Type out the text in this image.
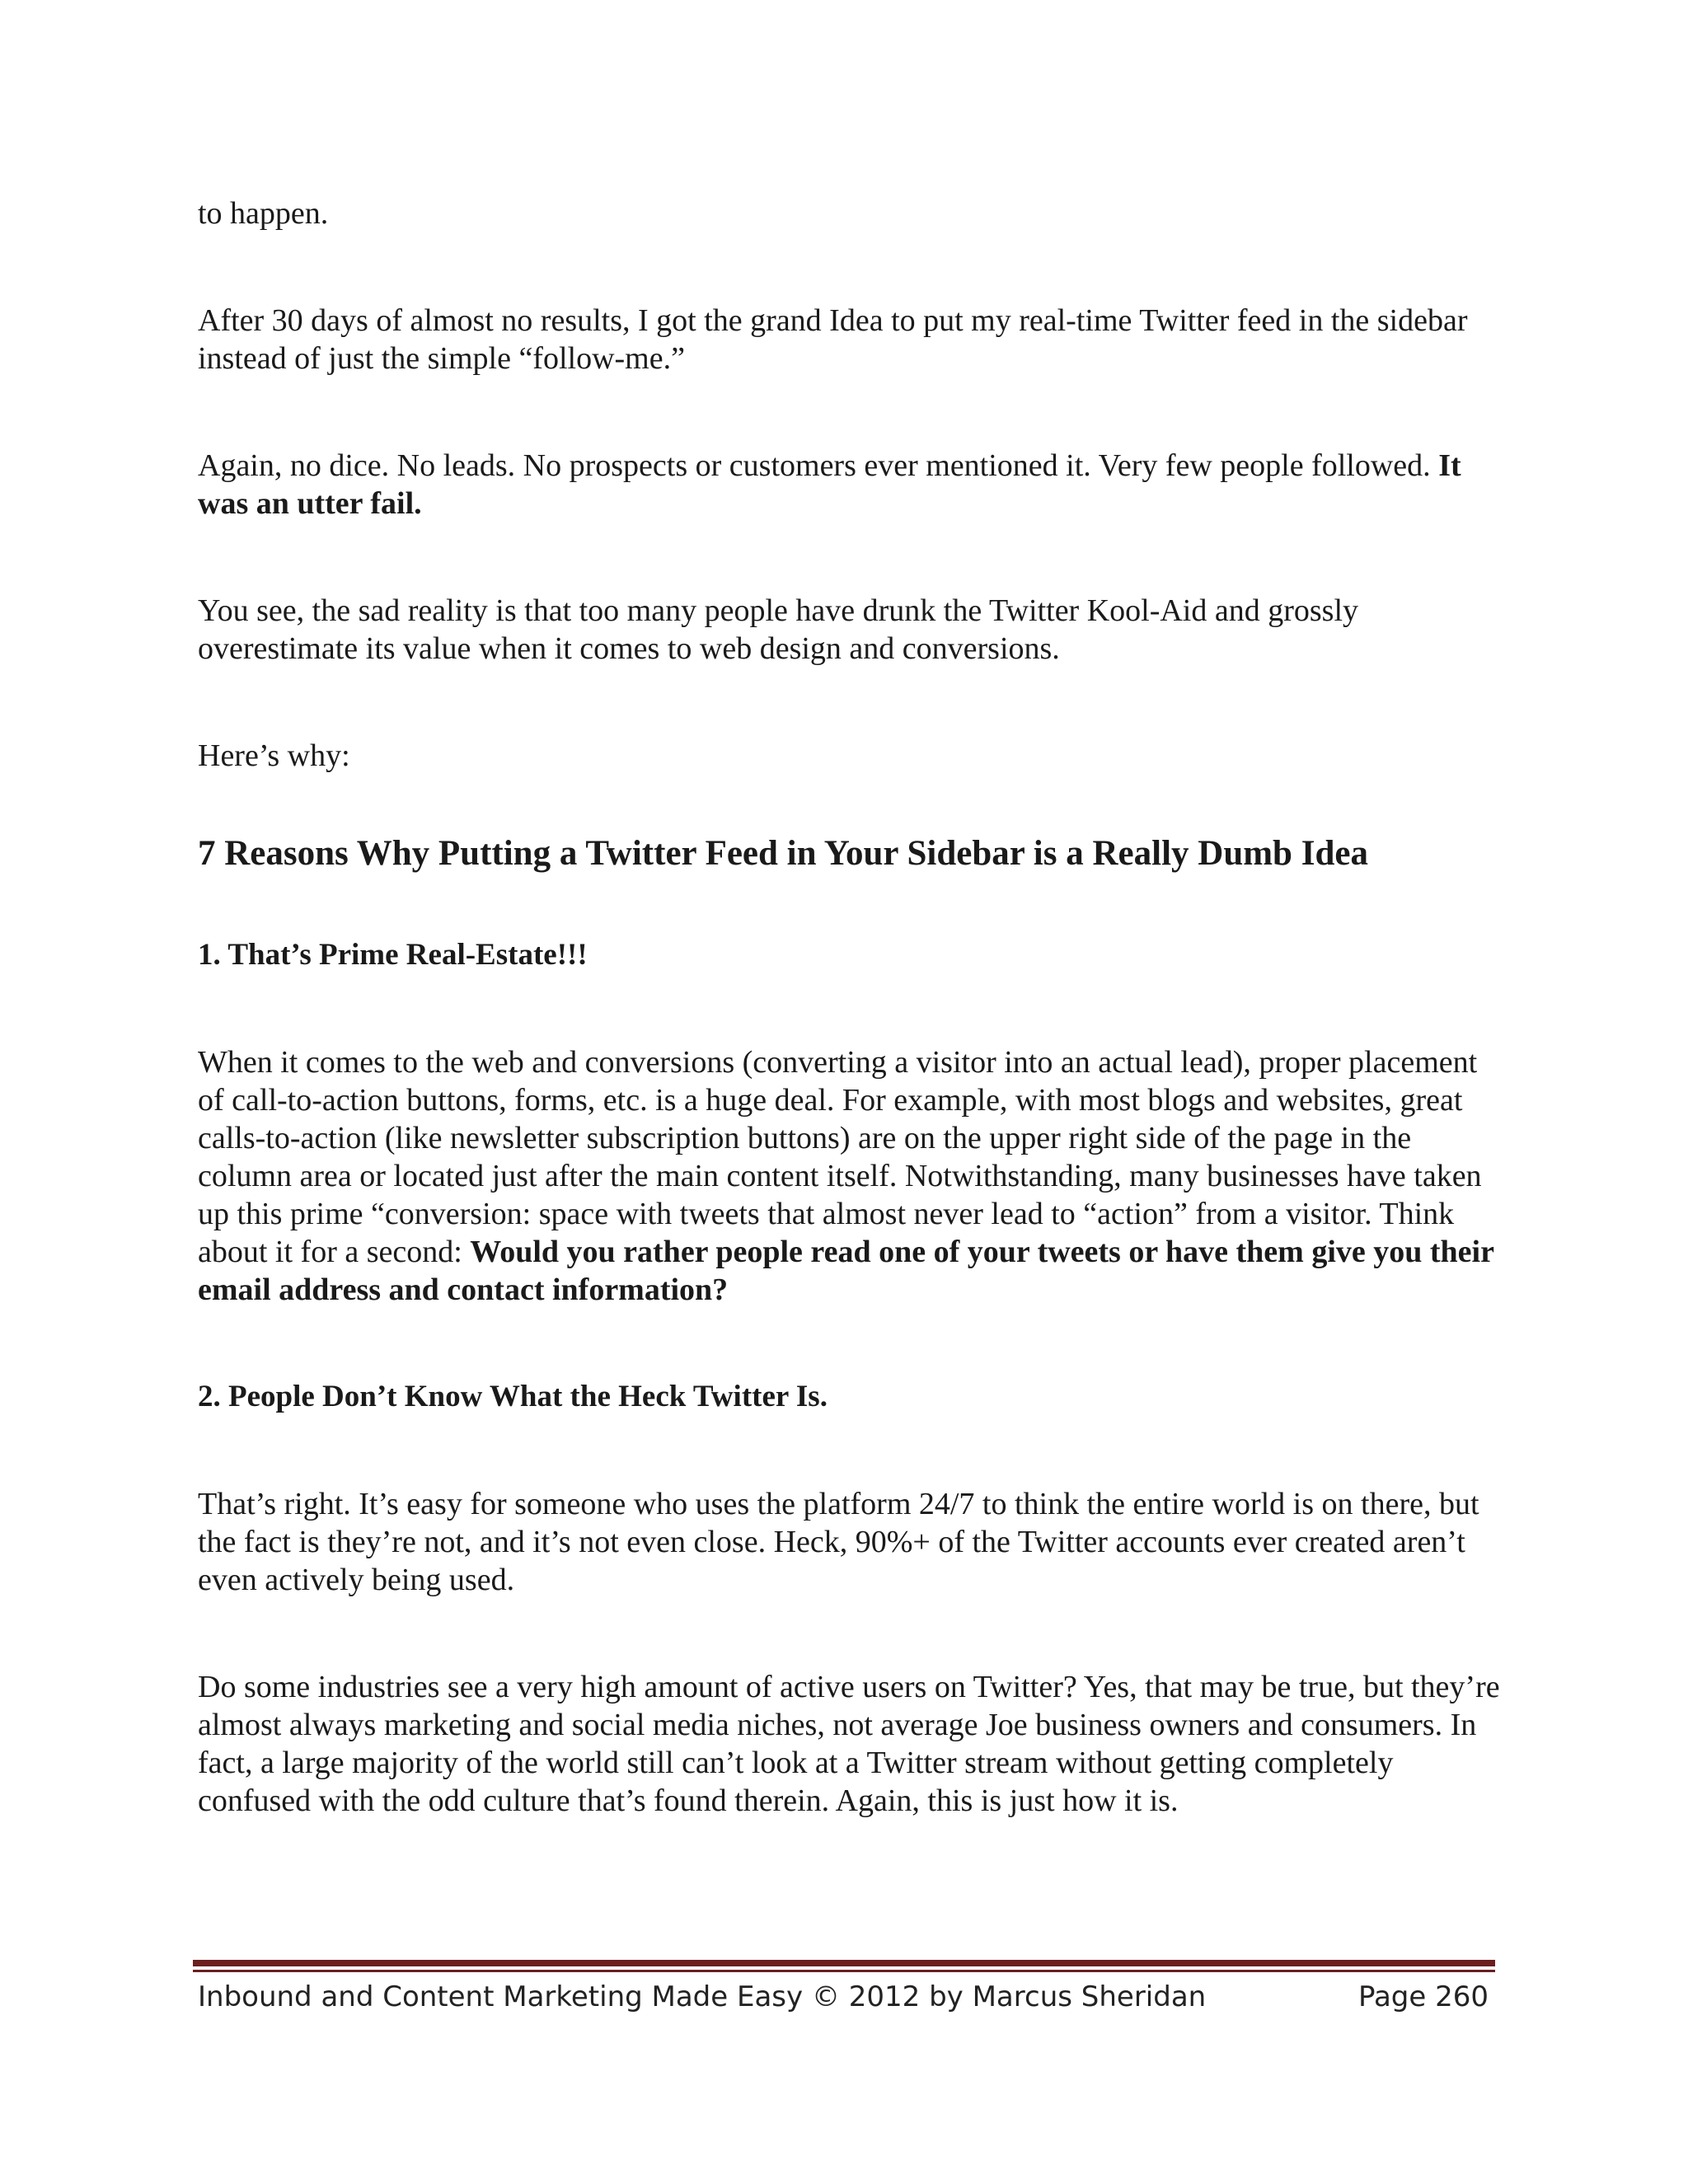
to happen.

After 30 days of almost no results, I got the grand Idea to put my real-time Twitter feed in the sidebar instead of just the simple “follow-me.”

Again, no dice. No leads. No prospects or customers ever mentioned it. Very few people followed. It was an utter fail.

You see, the sad reality is that too many people have drunk the Twitter Kool-Aid and grossly overestimate its value when it comes to web design and conversions.

Here’s why:

7 Reasons Why Putting a Twitter Feed in Your Sidebar is a Really Dumb Idea
1. That’s Prime Real-Estate!!!

When it comes to the web and conversions (converting a visitor into an actual lead), proper placement of call-to-action buttons, forms, etc. is a huge deal. For example, with most blogs and websites, great calls-to-action (like newsletter subscription buttons) are on the upper right side of the page in the column area or located just after the main content itself. Notwithstanding, many businesses have taken up this prime “conversion: space with tweets that almost never lead to “action” from a visitor. Think about it for a second: Would you rather people read one of your tweets or have them give you their email address and contact information?

2. People Don’t Know What the Heck Twitter Is.

That’s right. It’s easy for someone who uses the platform 24/7 to think the entire world is on there, but the fact is they’re not, and it’s not even close. Heck, 90%+ of the Twitter accounts ever created aren’t even actively being used.

Do some industries see a very high amount of active users on Twitter? Yes, that may be true, but they’re almost always marketing and social media niches, not average Joe business owners and consumers. In fact, a large majority of the world still can’t look at a Twitter stream without getting completely confused with the odd culture that’s found therein. Again, this is just how it is.

Inbound and Content Marketing Made Easy © 2012 by Marcus Sheridan	Page 260
